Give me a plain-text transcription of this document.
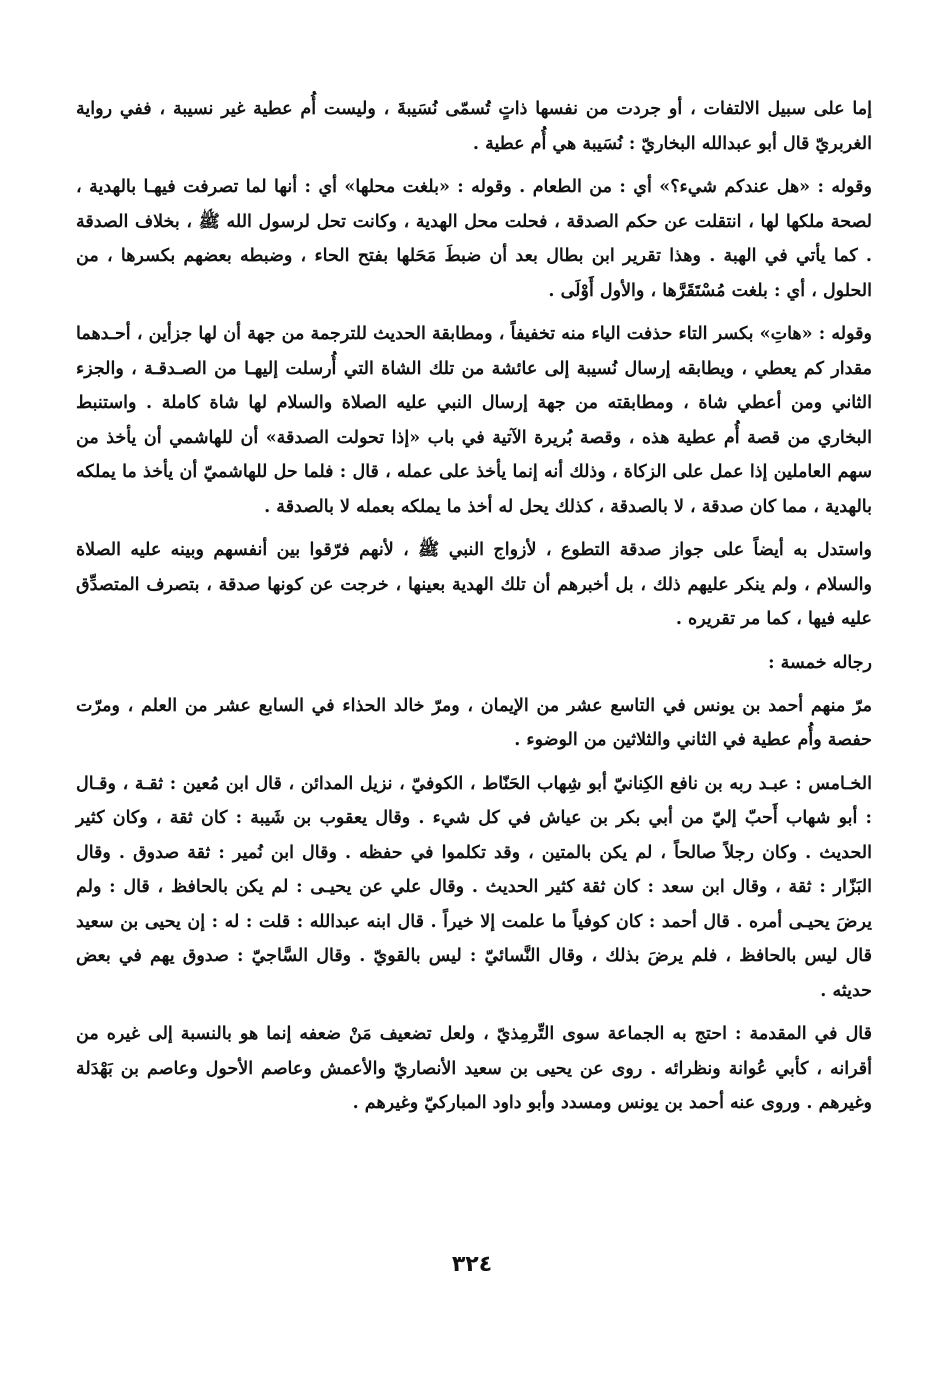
إما على سبيل الالتفات ، أو جردت من نفسها ذاتٍ تُسمّى نُسَيبةَ ، وليست أُم عطية غير نسيبة ، ففي رواية الغربريّ قال أبو عبدالله البخاريّ : نُسَيبة هي أُم عطية .

وقوله : «هل عندكم شيء؟» أي : من الطعام . وقوله : «بلغت محلها» أي : أنها لما تصرفت فيهـا بالهدية ، لصحة ملكها لها ، انتقلت عن حكم الصدقة ، فحلت محل الهدية ، وكانت تحل لرسول الله ﷺ ، بخلاف الصدقة . كما يأتي في الهبة . وهذا تقرير ابن بطال بعد أن ضبطَ مَحَلها بفتح الحاء ، وضبطه بعضهم بكسرها ، من الحلول ، أي : بلغت مُسْتَقَرَّها ، والأول أَوْلَى .

وقوله : «هاتِ» بكسر التاء حذفت الياء منه تخفيفاً ، ومطابقة الحديث للترجمة من جهة أن لها جزأين ، أحـدهما مقدار كم يعطي ، ويطابقه إرسال نُسيبة إلى عائشة من تلك الشاة التي أُرسلت إليهـا من الصـدقـة ، والجزء الثاني ومن أعطي شاة ، ومطابقته من جهة إرسال النبي عليه الصلاة والسلام لها شاة كاملة . واستنبط البخاري من قصة أُم عطية هذه ، وقصة بُريرة الآتية في باب «إذا تحولت الصدقة» أن للهاشمي أن يأخذ من سهم العاملين إذا عمل على الزكاة ، وذلك أنه إنما يأخذ على عمله ، قال : فلما حل للهاشميّ أن يأخذ ما يملكه بالهدية ، مما كان صدقة ، لا بالصدقة ، كذلك يحل له أخذ ما يملكه بعمله لا بالصدقة .

واستدل به أيضاً على جواز صدقة التطوع ، لأزواج النبي ﷺ ، لأنهم فرّقوا بين أنفسهم وبينه عليه الصلاة والسلام ، ولم ينكر عليهم ذلك ، بل أخبرهم أن تلك الهدية بعينها ، خرجت عن كونها صدقة ، بتصرف المتصدِّق عليه فيها ، كما مر تقريره .

رجاله خمسة :

مرّ منهم أحمد بن يونس في التاسع عشر من الإيمان ، ومرّ خالد الحذاء في السابع عشر من العلم ، ومرّت حفصة وأُم عطية في الثاني والثلاثين من الوضوء .

الخـامس : عبـد ربه بن نافع الكِنانيّ أبو شِهاب الحَنّاط ، الكوفيّ ، نزيل المدائن ، قال ابن مُعين : ثقـة ، وقـال : أبو شهاب أَحبّ إليّ من أبي بكر بن عياش في كل شيء . وقال يعقوب بن شَيبة : كان ثقة ، وكان كثير الحديث . وكان رجلاً صالحاً ، لم يكن بالمتين ، وقد تكلموا في حفظه . وقال ابن نُمير : ثقة صدوق . وقال البَزّار : ثقة ، وقال ابن سعد : كان ثقة كثير الحديث . وقال علي عن يحيـى : لم يكن بالحافظ ، قال : ولم يرضَ يحيـى أمره . قال أحمد : كان كوفياً ما علمت إلا خيراً . قال ابنه عبدالله : قلت : له : إن يحيى بن سعيد قال ليس بالحافظ ، فلم يرضَ بذلك ، وقال النَّسائيّ : ليس بالقويّ . وقال السَّاجيّ : صدوق يهم في بعض حديثه .

قال في المقدمة : احتج به الجماعة سوى التِّرمِذيّ ، ولعل تضعيف مَنْ ضعفه إنما هو بالنسبة إلى غيره من أقرانه ، كأبي عُوانة ونظرائه . روى عن يحيى بن سعيد الأنصاريّ والأعمش وعاصم الأحول وعاصم بن بَهْدَلة وغيرهم . وروى عنه أحمد بن يونس ومسدد وأبو داود المباركيّ وغيرهم .

٣٢٤
